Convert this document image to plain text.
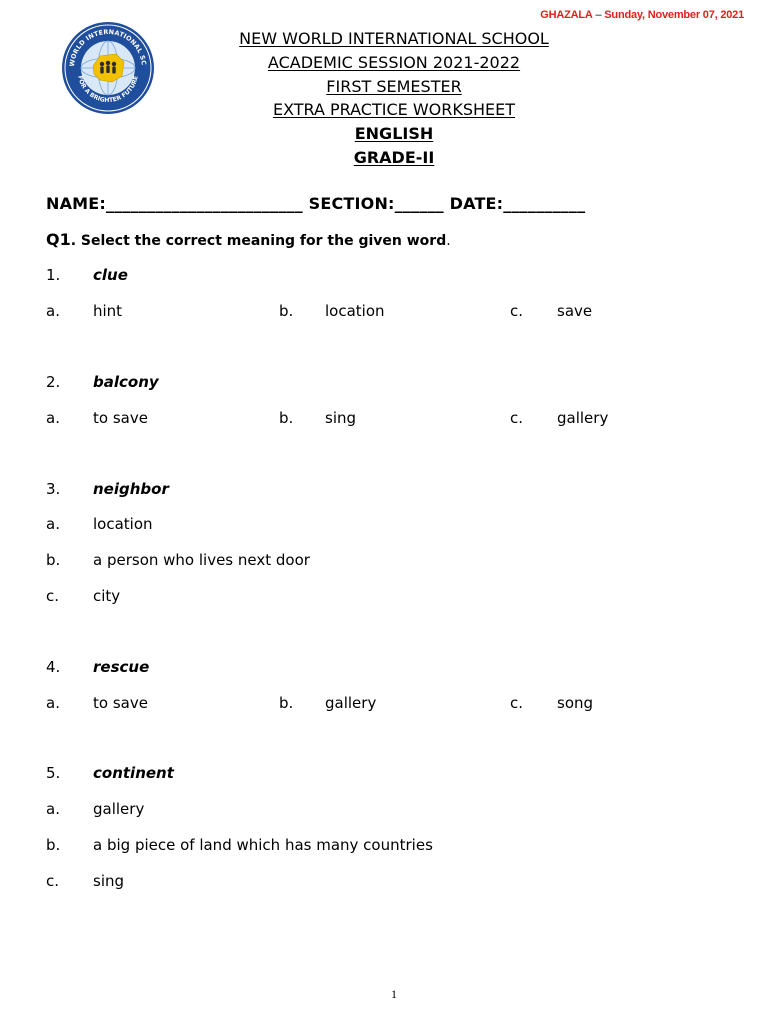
GHAZALA – Sunday, November 07, 2021
WORLD INTERNATIONAL SC
FOR A BRIGHTER FUTURE
NEW WORLD INTERNATIONAL SCHOOL
ACADEMIC SESSION 2021-2022
FIRST SEMESTER
EXTRA PRACTICE WORKSHEET
ENGLISH
GRADE-II
NAME:________________________ SECTION:______ DATE:__________
Q1. Select the correct meaning for the given word.
1. clue
a. hint	b. location	c. save
2. balcony
a. to save	b. sing	c. gallery
3. neighbor
a. location
b. a person who lives next door
c. city
4. rescue
a. to save	b. gallery	c. song
5. continent
a. gallery
b. a big piece of land which has many countries
c. sing
1
